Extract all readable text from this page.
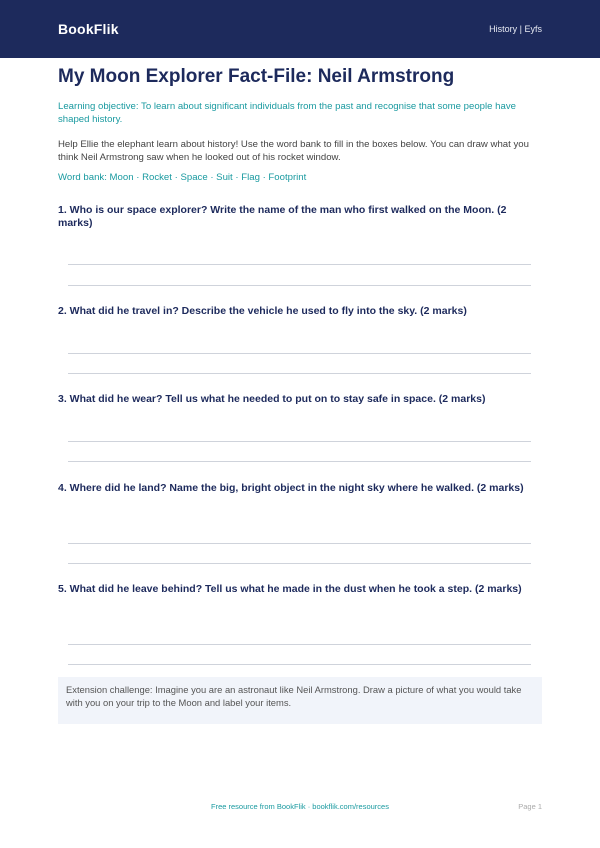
BookFlik	History | Eyfs
My Moon Explorer Fact-File: Neil Armstrong

Learning objective: To learn about significant individuals from the past and recognise that some people have shaped history.

Help Ellie the elephant learn about history! Use the word bank to fill in the boxes below. You can draw what you think Neil Armstrong saw when he looked out of his rocket window.

Word bank: Moon · Rocket · Space · Suit · Flag · Footprint

1. Who is our space explorer? Write the name of the man who first walked on the Moon. (2 marks)

2. What did he travel in? Describe the vehicle he used to fly into the sky. (2 marks)

3. What did he wear? Tell us what he needed to put on to stay safe in space. (2 marks)

4. Where did he land? Name the big, bright object in the night sky where he walked. (2 marks)

5. What did he leave behind? Tell us what he made in the dust when he took a step. (2 marks)

Extension challenge: Imagine you are an astronaut like Neil Armstrong. Draw a picture of what you would take with you on your trip to the Moon and label your items.
Free resource from BookFlik · bookflik.com/resources	Page 1
